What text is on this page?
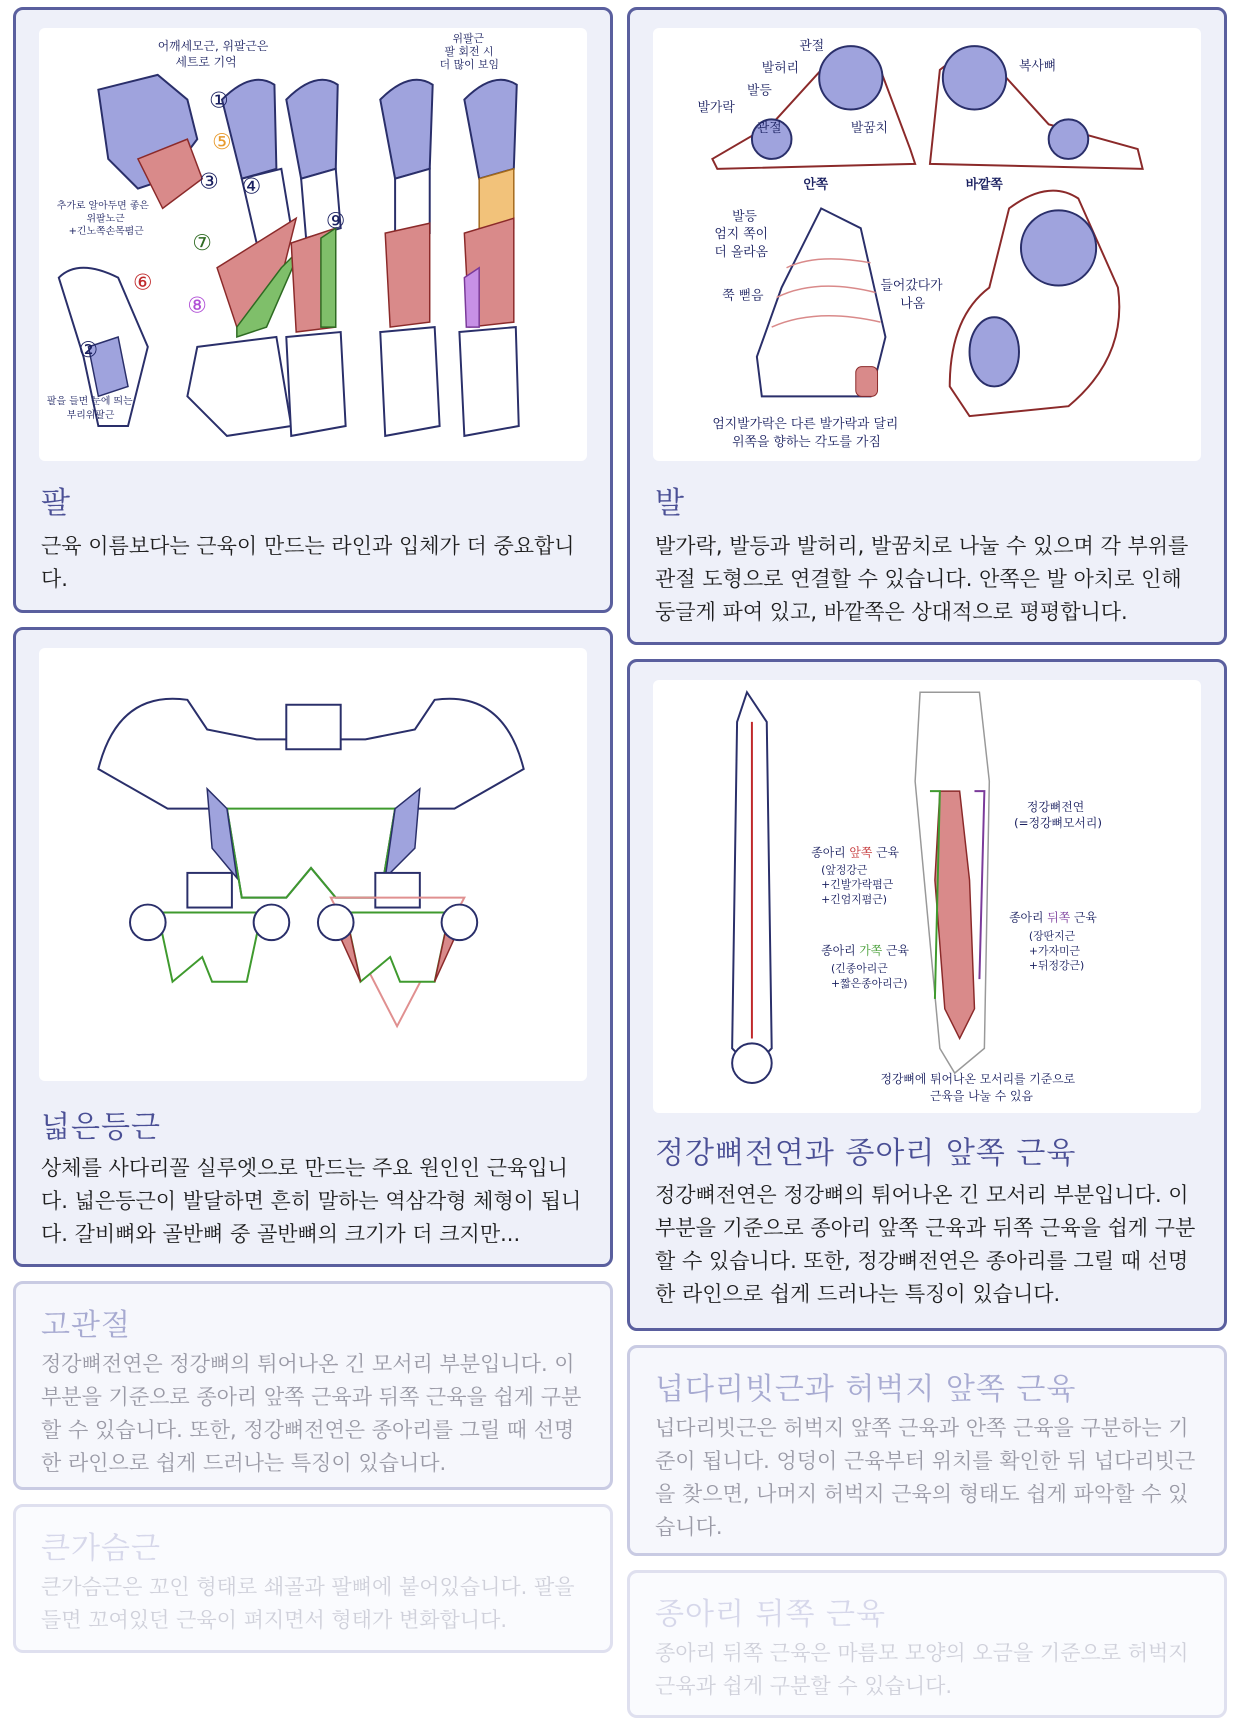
어깨세모근, 위팔근은
세트로 기억
위팔근
팔 회전 시
더 많이 보임
추가로 알아두면 좋은
위팔노근
+긴노쪽손목폄근
팔을 들면 눈에 띄는
부리위팔근
①
②
③ ④
⑤
⑥
⑦
⑧
⑨
팔
근육 이름보다는 근육이 만드는 라인과 입체가 더 중요합니다.
관절
발허리
발등
발가락
관절	발꿈치
복사뼈
안쪽	바깥쪽
발등
엄지 쪽이
더 올라옴
쭉 뻗음
들어갔다가
나옴
엄지발가락은 다른 발가락과 달리
위쪽을 향하는 각도를 가짐
발
발가락, 발등과 발허리, 발꿈치로 나눌 수 있으며 각 부위를 관절 도형으로 연결할 수 있습니다. 안쪽은 발 아치로 인해 둥글게 파여 있고, 바깥쪽은 상대적으로 평평합니다.
넓은등근
상체를 사다리꼴 실루엣으로 만드는 주요 원인인 근육입니다. 넓은등근이 발달하면 흔히 말하는 역삼각형 체형이 됩니다. 갈비뼈와 골반뼈 중 골반뼈의 크기가 더 크지만...
정강뼈전연
(=정강뼈모서리)
종아리 앞쪽 근육
(앞정강근
+긴발가락폄근
+긴엄지폄근)
종아리 뒤쪽 근육
(장딴지근
+가자미근
+뒤정강근)
종아리 가쪽 근육
(긴종아리근
+짧은종아리근)
정강뼈에 튀어나온 모서리를 기준으로
근육을 나눌 수 있음
정강뼈전연과 종아리 앞쪽 근육
정강뼈전연은 정강뼈의 튀어나온 긴 모서리 부분입니다. 이 부분을 기준으로 종아리 앞쪽 근육과 뒤쪽 근육을 쉽게 구분할 수 있습니다. 또한, 정강뼈전연은 종아리를 그릴 때 선명한 라인으로 쉽게 드러나는 특징이 있습니다.
고관절
정강뼈전연은 정강뼈의 튀어나온 긴 모서리 부분입니다. 이 부분을 기준으로 종아리 앞쪽 근육과 뒤쪽 근육을 쉽게 구분할 수 있습니다. 또한, 정강뼈전연은 종아리를 그릴 때 선명한 라인으로 쉽게 드러나는 특징이 있습니다.
넙다리빗근과 허벅지 앞쪽 근육
넙다리빗근은 허벅지 앞쪽 근육과 안쪽 근육을 구분하는 기준이 됩니다. 엉덩이 근육부터 위치를 확인한 뒤 넙다리빗근을 찾으면, 나머지 허벅지 근육의 형태도 쉽게 파악할 수 있습니다.
큰가슴근
큰가슴근은 꼬인 형태로 쇄골과 팔뼈에 붙어있습니다. 팔을 들면 꼬여있던 근육이 펴지면서 형태가 변화합니다.	종아리 뒤쪽 근육
종아리 뒤쪽 근육은 마름모 모양의 오금을 기준으로 허벅지 근육과 쉽게 구분할 수 있습니다.
